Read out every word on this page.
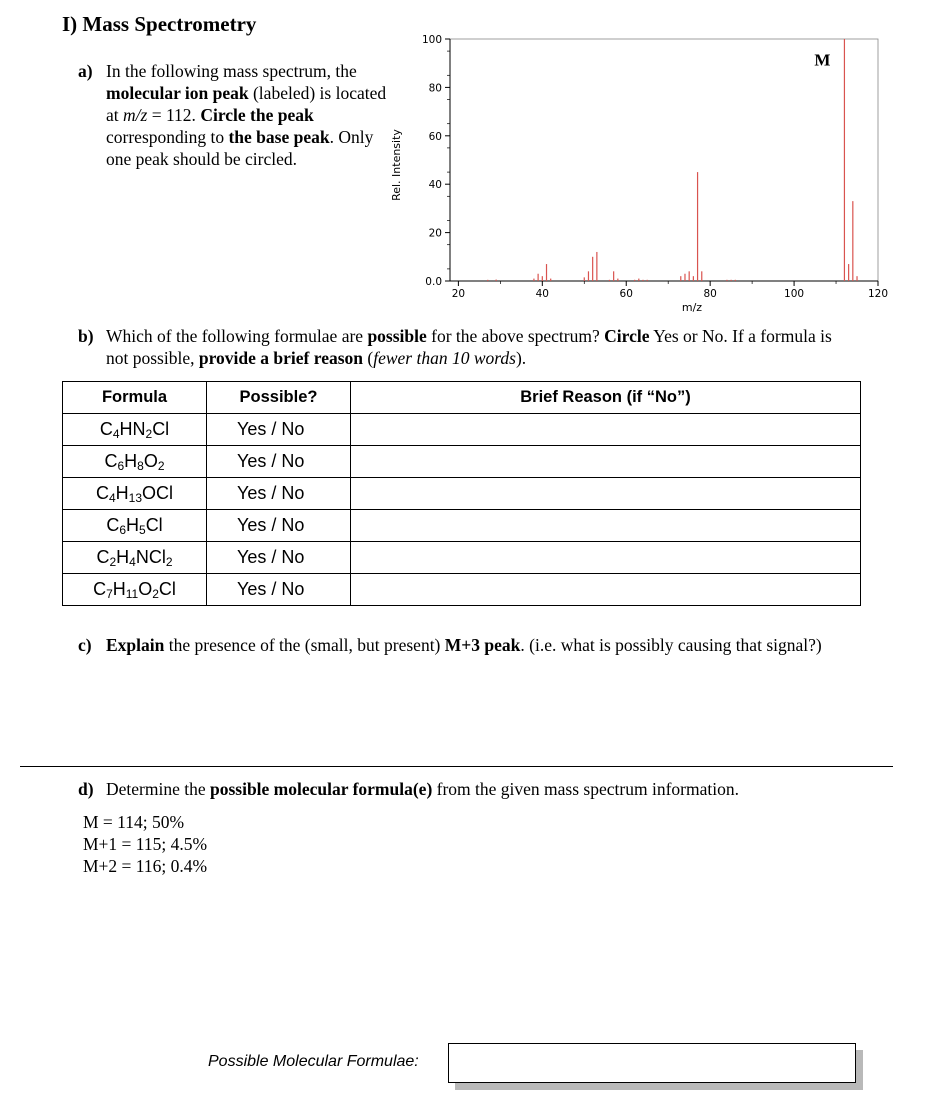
I) Mass Spectrometry
a) In the following mass spectrum, the molecular ion peak (labeled) is located at m/z = 112. Circle the peak corresponding to the base peak. Only one peak should be circled.
0.0
20
40
60
80
100
20	40	60	80	100	120
m/z
Rel. Intensity
M
b) Which of the following formulae are possible for the above spectrum? Circle Yes or No. If a formula is not possible, provide a brief reason (fewer than 10 words).
Formula	Possible?	Brief Reason (if “No”)
$C_4HN_2Cl$	Yes / No	
$C_6H_8O_2$	Yes / No	
$C_4H_{13}OCl$	Yes / No	
$C_6H_5Cl$	Yes / No	
$C_2H_4NCl_2$	Yes / No	
$C_7H_{11}O_2Cl$	Yes / No	
c) Explain the presence of the (small, but present) M+3 peak. (i.e. what is possibly causing that signal?)
d) Determine the possible molecular formula(e) from the given mass spectrum information.
M = 114; 50%
M+1 = 115; 4.5%
M+2 = 116; 0.4%
Possible Molecular Formulae:
